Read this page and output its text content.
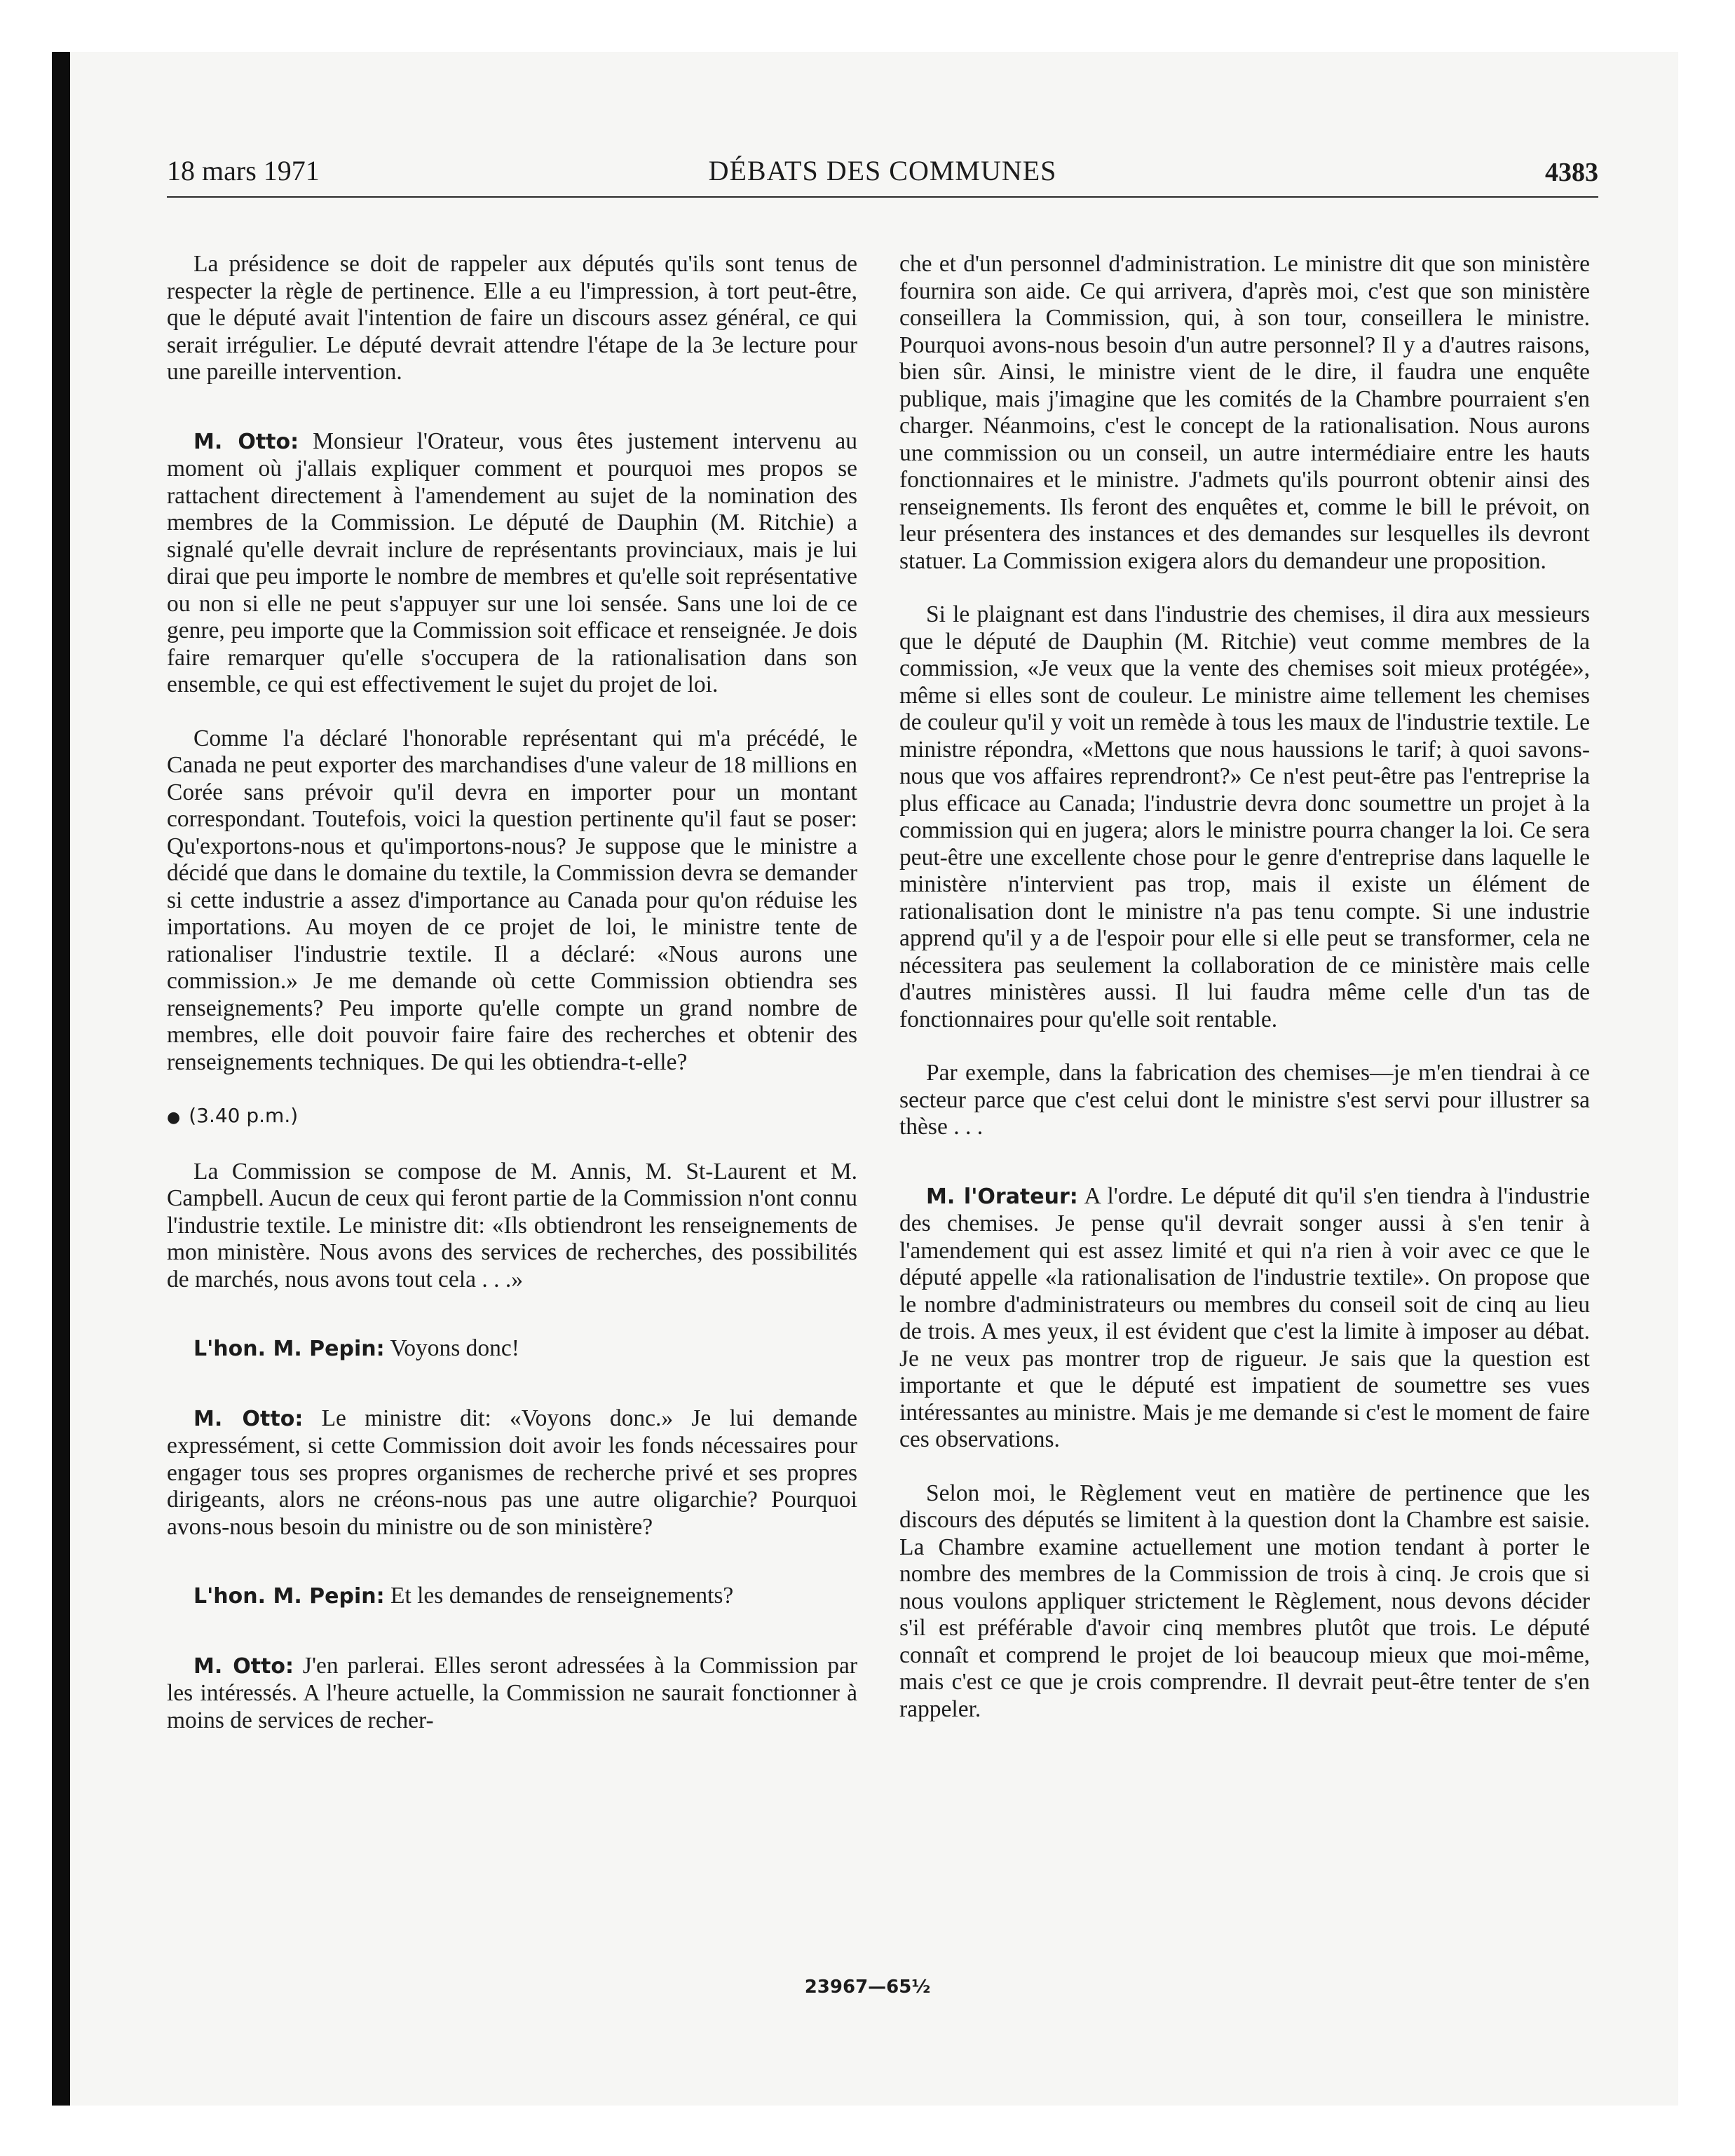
18 mars 1971	DÉBATS DES COMMUNES	4383

La présidence se doit de rappeler aux députés qu'ils sont tenus de respecter la règle de pertinence. Elle a eu l'impression, à tort peut-être, que le député avait l'intention de faire un discours assez général, ce qui serait irrégulier. Le député devrait attendre l'étape de la 3e lecture pour une pareille intervention.

M. Otto: Monsieur l'Orateur, vous êtes justement intervenu au moment où j'allais expliquer comment et pourquoi mes propos se rattachent directement à l'amendement au sujet de la nomination des membres de la Commission. Le député de Dauphin (M. Ritchie) a signalé qu'elle devrait inclure de représentants provinciaux, mais je lui dirai que peu importe le nombre de membres et qu'elle soit représentative ou non si elle ne peut s'appuyer sur une loi sensée. Sans une loi de ce genre, peu importe que la Commission soit efficace et renseignée. Je dois faire remarquer qu'elle s'occupera de la rationalisation dans son ensemble, ce qui est effectivement le sujet du projet de loi.

Comme l'a déclaré l'honorable représentant qui m'a précédé, le Canada ne peut exporter des marchandises d'une valeur de 18 millions en Corée sans prévoir qu'il devra en importer pour un montant correspondant. Toutefois, voici la question pertinente qu'il faut se poser: Qu'exportons-nous et qu'importons-nous? Je suppose que le ministre a décidé que dans le domaine du textile, la Commission devra se demander si cette industrie a assez d'importance au Canada pour qu'on réduise les importations. Au moyen de ce projet de loi, le ministre tente de rationaliser l'industrie textile. Il a déclaré: «Nous aurons une commission.» Je me demande où cette Commission obtiendra ses renseignements? Peu importe qu'elle compte un grand nombre de membres, elle doit pouvoir faire faire des recherches et obtenir des renseignements techniques. De qui les obtiendra-t-elle?

● (3.40 p.m.)

La Commission se compose de M. Annis, M. St-Laurent et M. Campbell. Aucun de ceux qui feront partie de la Commission n'ont connu l'industrie textile. Le ministre dit: «Ils obtiendront les renseignements de mon ministère. Nous avons des services de recherches, des possibilités de marchés, nous avons tout cela . . .»

L'hon. M. Pepin: Voyons donc!

M. Otto: Le ministre dit: «Voyons donc.» Je lui demande expressément, si cette Commission doit avoir les fonds nécessaires pour engager tous ses propres organismes de recherche privé et ses propres dirigeants, alors ne créons-nous pas une autre oligarchie? Pourquoi avons-nous besoin du ministre ou de son ministère?

L'hon. M. Pepin: Et les demandes de renseignements?

M. Otto: J'en parlerai. Elles seront adressées à la Commission par les intéressés. A l'heure actuelle, la Commission ne saurait fonctionner à moins de services de recher-

che et d'un personnel d'administration. Le ministre dit que son ministère fournira son aide. Ce qui arrivera, d'après moi, c'est que son ministère conseillera la Commission, qui, à son tour, conseillera le ministre. Pourquoi avons-nous besoin d'un autre personnel? Il y a d'autres raisons, bien sûr. Ainsi, le ministre vient de le dire, il faudra une enquête publique, mais j'imagine que les comités de la Chambre pourraient s'en charger. Néanmoins, c'est le concept de la rationalisation. Nous aurons une commission ou un conseil, un autre intermédiaire entre les hauts fonctionnaires et le ministre. J'admets qu'ils pourront obtenir ainsi des renseignements. Ils feront des enquêtes et, comme le bill le prévoit, on leur présentera des instances et des demandes sur lesquelles ils devront statuer. La Commission exigera alors du demandeur une proposition.

Si le plaignant est dans l'industrie des chemises, il dira aux messieurs que le député de Dauphin (M. Ritchie) veut comme membres de la commission, «Je veux que la vente des chemises soit mieux protégée», même si elles sont de couleur. Le ministre aime tellement les chemises de couleur qu'il y voit un remède à tous les maux de l'industrie textile. Le ministre répondra, «Mettons que nous haussions le tarif; à quoi savons-nous que vos affaires reprendront?» Ce n'est peut-être pas l'entreprise la plus efficace au Canada; l'industrie devra donc soumettre un projet à la commission qui en jugera; alors le ministre pourra changer la loi. Ce sera peut-être une excellente chose pour le genre d'entreprise dans laquelle le ministère n'intervient pas trop, mais il existe un élément de rationalisation dont le ministre n'a pas tenu compte. Si une industrie apprend qu'il y a de l'espoir pour elle si elle peut se transformer, cela ne nécessitera pas seulement la collaboration de ce ministère mais celle d'autres ministères aussi. Il lui faudra même celle d'un tas de fonctionnaires pour qu'elle soit rentable.

Par exemple, dans la fabrication des chemises—je m'en tiendrai à ce secteur parce que c'est celui dont le ministre s'est servi pour illustrer sa thèse . . .

M. l'Orateur: A l'ordre. Le député dit qu'il s'en tiendra à l'industrie des chemises. Je pense qu'il devrait songer aussi à s'en tenir à l'amendement qui est assez limité et qui n'a rien à voir avec ce que le député appelle «la rationalisation de l'industrie textile». On propose que le nombre d'administrateurs ou membres du conseil soit de cinq au lieu de trois. A mes yeux, il est évident que c'est la limite à imposer au débat. Je ne veux pas montrer trop de rigueur. Je sais que la question est importante et que le député est impatient de soumettre ses vues intéressantes au ministre. Mais je me demande si c'est le moment de faire ces observations.

Selon moi, le Règlement veut en matière de pertinence que les discours des députés se limitent à la question dont la Chambre est saisie. La Chambre examine actuellement une motion tendant à porter le nombre des membres de la Commission de trois à cinq. Je crois que si nous voulons appliquer strictement le Règlement, nous devons décider s'il est préférable d'avoir cinq membres plutôt que trois. Le député connaît et comprend le projet de loi beaucoup mieux que moi-même, mais c'est ce que je crois comprendre. Il devrait peut-être tenter de s'en rappeler.

23967—65½
